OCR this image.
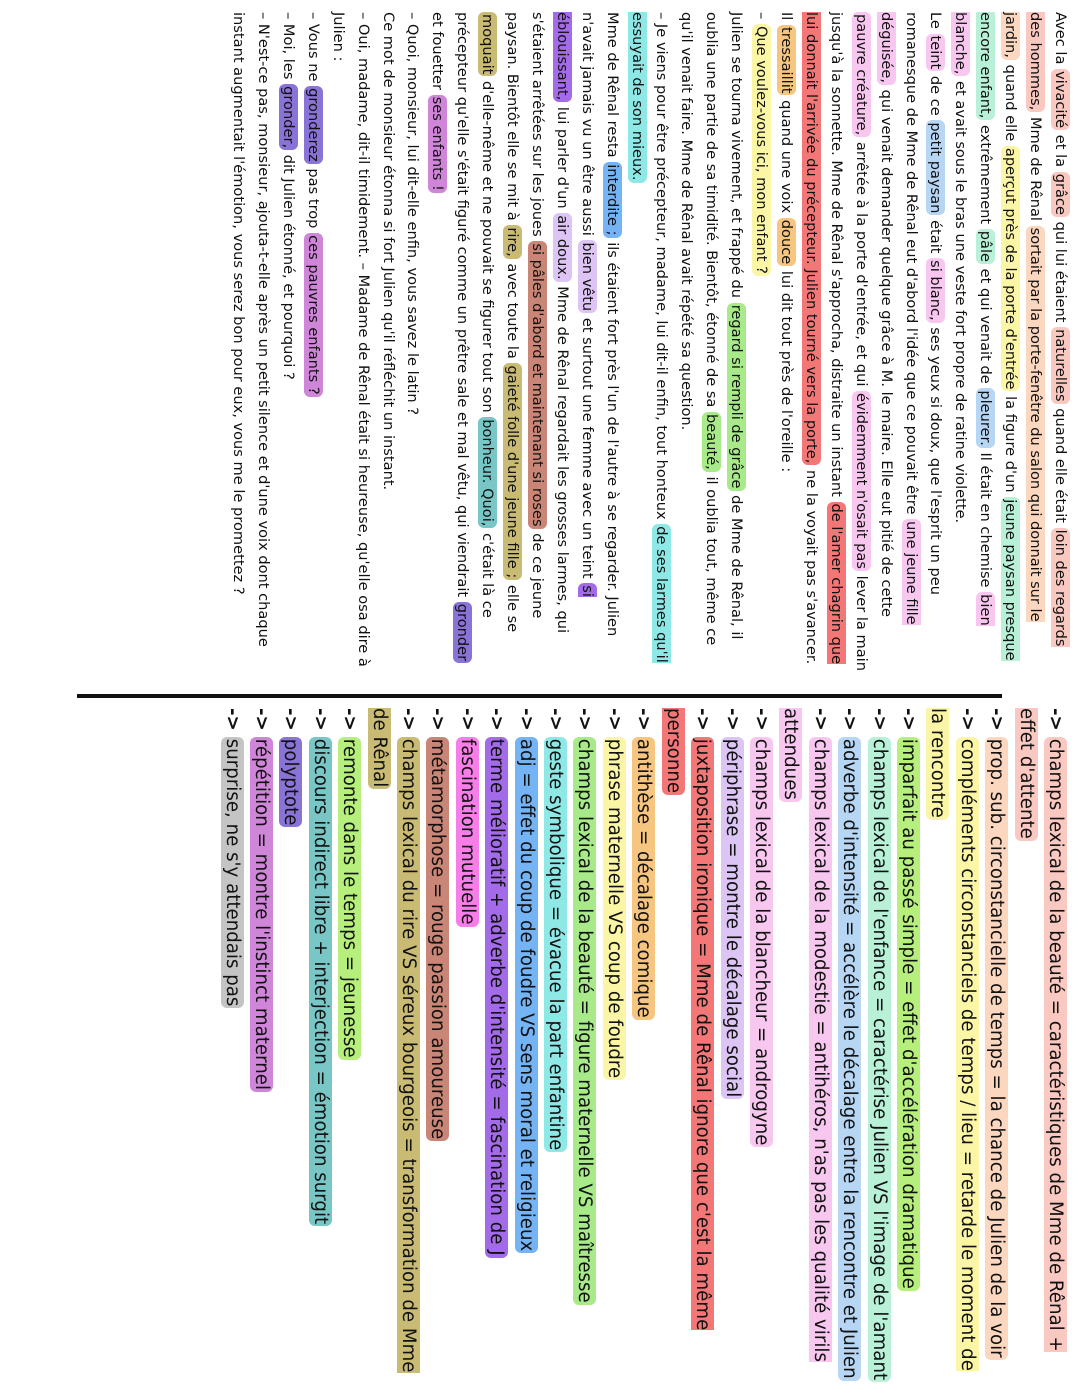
Avec la vivacité et la grâce qui lui étaient naturelles quand elle était loin des regards des hommes, Mme de Rênal sortait par la porte-fenêtre du salon qui donnait sur le jardin, quand elle aperçut près de la porte d'entrée la figure d'un jeune paysan presque encore enfant, extrêmement pâle et qui venait de pleurer. Il était en chemise bien blanche, et avait sous le bras une veste fort propre de ratine violette.

Le teint de ce petit paysan était si blanc, ses yeux si doux, que l'esprit un peu romanesque de Mme de Rênal eut d'abord l'idée que ce pouvait être une jeune fille déguisée, qui venait demander quelque grâce à M. le maire. Elle eut pitié de cette pauvre créature, arrêtée à la porte d'entrée, et qui évidemment n'osait pas lever la main jusqu'à la sonnette. Mme de Rênal s'approcha, distraite un instant de l'amer chagrin que lui donnait l'arrivée du précepteur. Julien tourné vers la porte, ne la voyait pas s'avancer. Il tressaillit quand une voix douce lui dit tout près de l'oreille :

– Que voulez-vous ici, mon enfant ?

Julien se tourna vivement, et frappé du regard si rempli de grâce de Mme de Rênal, il oublia une partie de sa timidité. Bientôt, étonné de sa beauté, il oublia tout, même ce qu'il venait faire. Mme de Rênal avait répété sa question.

– Je viens pour être précepteur, madame, lui dit-il enfin, tout honteux de ses larmes qu'il essuyait de son mieux.

Mme de Rênal resta interdite ; ils étaient fort près l'un de l'autre à se regarder. Julien n'avait jamais vu un être aussi bien vêtu et surtout une femme avec un teint si éblouissant, lui parler d'un air doux. Mme de Rênal regardait les grosses larmes, qui s'étaient arrêtées sur les joues si pâles d'abord et maintenant si roses de ce jeune paysan. Bientôt elle se mit à rire, avec toute la gaieté folle d'une jeune fille ; elle se moquait d'elle-même et ne pouvait se figurer tout son bonheur. Quoi, c'était là ce précepteur qu'elle s'était figuré comme un prêtre sale et mal vêtu, qui viendrait gronder et fouetter ses enfants !

– Quoi, monsieur, lui dit-elle enfin, vous savez le latin ?

Ce mot de monsieur étonna si fort Julien qu'il réfléchit un instant.

– Oui, madame, dit-il timidement. – Madame de Rênal était si heureuse, qu'elle osa dire à Julien :

– Vous ne gronderez pas trop ces pauvres enfants ?

– Moi, les gronder, dit Julien étonné, et pourquoi ?

– N'est-ce pas, monsieur, ajouta-t-elle après un petit silence et d'une voix dont chaque instant augmentait l'émotion, vous serez bon pour eux, vous me le promettez ?

->champs lexical de la beauté = caractéristiques de Mme de Rênal + effet d'attente
->prop. sub. circonstancielle de temps = la chance de Julien de la voir
->compléments circonstanciels de temps / lieu = retarde le moment de la rencontre
->imparfait au passé simple = effet d'accélération dramatique
->champs lexical de l'enfance = caractérise Julien VS l'image de l'amant
->adverbe d'intensité = accélère le décalage entre la rencontre et Julien
->champs lexical de la modestie = antihéros, n'as pas les qualité virils attendues
->champs lexical de la blancheur = androgyne
->périphrase = montre le décalage social
->juxtaposition ironique = Mme de Rênal ignore que c'est la même personne
->antithèse = décalage comique
->phrase maternelle VS coup de foudre
->champs lexical de la beauté = figure maternelle VS maîtresse
->geste symbolique = évacue la part enfantine
->adj = effet du coup de foudre VS sens moral et religieux
->terme mélioratif + adverbe d'intensité = fascination de J
->fascination mutuelle
->métamorphose = rouge passion amoureuse
->champs lexical du rire VS séreux bourgeois = transformation de Mme de Rênal
->remonte dans le temps = jeunesse
->discours indirect libre + interjection = émotion surgit
->polyptote
->répétition = montre l'instinct maternel
->surprise, ne s'y attendais pas
